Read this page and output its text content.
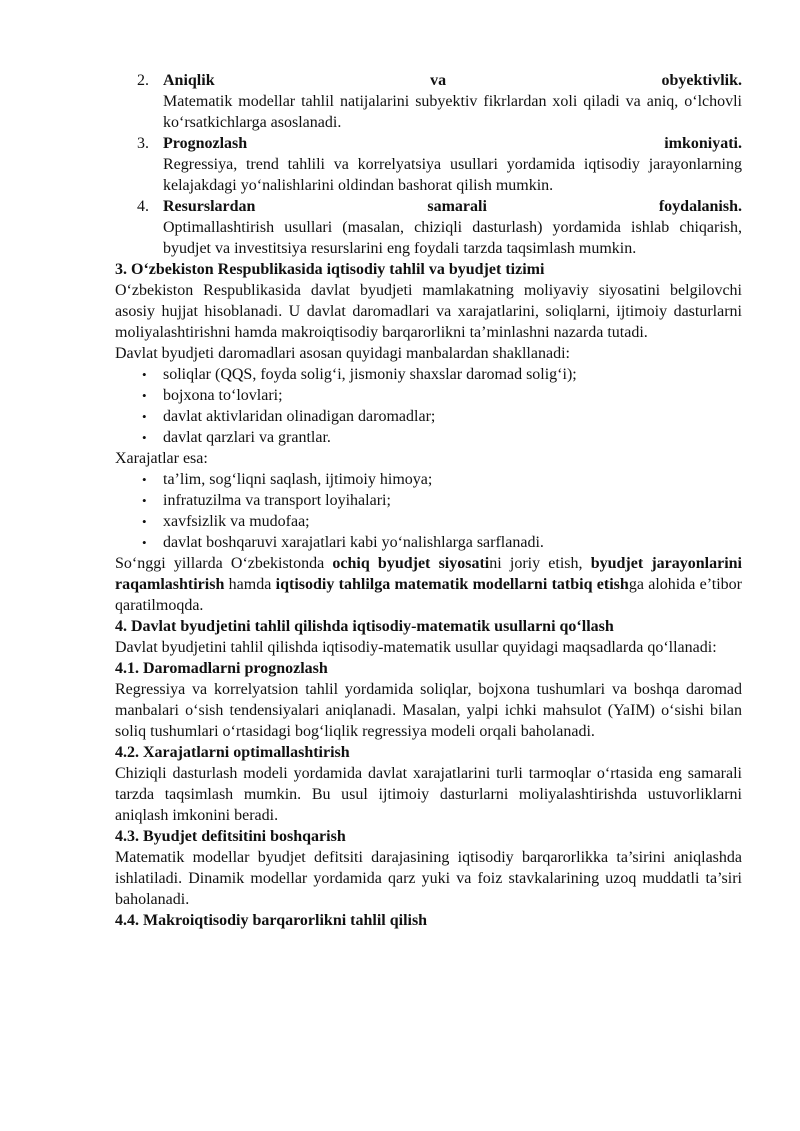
2. Aniqlik	va	obyektivlik.
Matematik modellar tahlil natijalarini subyektiv fikrlardan xoli qiladi va aniq, o‘lchovli ko‘rsatkichlarga asoslanadi.
3. Prognozlash	imkoniyati.
Regressiya, trend tahlili va korrelyatsiya usullari yordamida iqtisodiy jarayonlarning kelajakdagi yo‘nalishlarini oldindan bashorat qilish mumkin.
4. Resurslardan	samarali	foydalanish.
Optimallashtirish usullari (masalan, chiziqli dasturlash) yordamida ishlab chiqarish, byudjet va investitsiya resurslarini eng foydali tarzda taqsimlash mumkin.

3. O‘zbekiston Respublikasida iqtisodiy tahlil va byudjet tizimi

O‘zbekiston Respublikasida davlat byudjeti mamlakatning moliyaviy siyosatini belgilovchi asosiy hujjat hisoblanadi. U davlat daromadlari va xarajatlarini, soliqlarni, ijtimoiy dasturlarni moliyalashtirishni hamda makroiqtisodiy barqarorlikni ta’minlashni nazarda tutadi.

Davlat byudjeti daromadlari asosan quyidagi manbalardan shakllanadi:

• soliqlar (QQS, foyda solig‘i, jismoniy shaxslar daromad solig‘i);
• bojxona to‘lovlari;
• davlat aktivlaridan olinadigan daromadlar;
• davlat qarzlari va grantlar.

Xarajatlar esa:

• ta’lim, sog‘liqni saqlash, ijtimoiy himoya;
• infratuzilma va transport loyihalari;
• xavfsizlik va mudofaa;
• davlat boshqaruvi xarajatlari kabi yo‘nalishlarga sarflanadi.

So‘nggi yillarda O‘zbekistonda ochiq byudjet siyosatini joriy etish, byudjet jarayonlarini raqamlashtirish hamda iqtisodiy tahlilga matematik modellarni tatbiq etishga alohida e’tibor qaratilmoqda.

4. Davlat byudjetini tahlil qilishda iqtisodiy-matematik usullarni qo‘llash

Davlat byudjetini tahlil qilishda iqtisodiy-matematik usullar quyidagi maqsadlarda qo‘llanadi:

4.1. Daromadlarni prognozlash

Regressiya va korrelyatsion tahlil yordamida soliqlar, bojxona tushumlari va boshqa daromad manbalari o‘sish tendensiyalari aniqlanadi. Masalan, yalpi ichki mahsulot (YaIM) o‘sishi bilan soliq tushumlari o‘rtasidagi bog‘liqlik regressiya modeli orqali baholanadi.

4.2. Xarajatlarni optimallashtirish

Chiziqli dasturlash modeli yordamida davlat xarajatlarini turli tarmoqlar o‘rtasida eng samarali tarzda taqsimlash mumkin. Bu usul ijtimoiy dasturlarni moliyalashtirishda ustuvorliklarni aniqlash imkonini beradi.

4.3. Byudjet defitsitini boshqarish

Matematik modellar byudjet defitsiti darajasining iqtisodiy barqarorlikka ta’sirini aniqlashda ishlatiladi. Dinamik modellar yordamida qarz yuki va foiz stavkalarining uzoq muddatli ta’siri baholanadi.

4.4. Makroiqtisodiy barqarorlikni tahlil qilish
